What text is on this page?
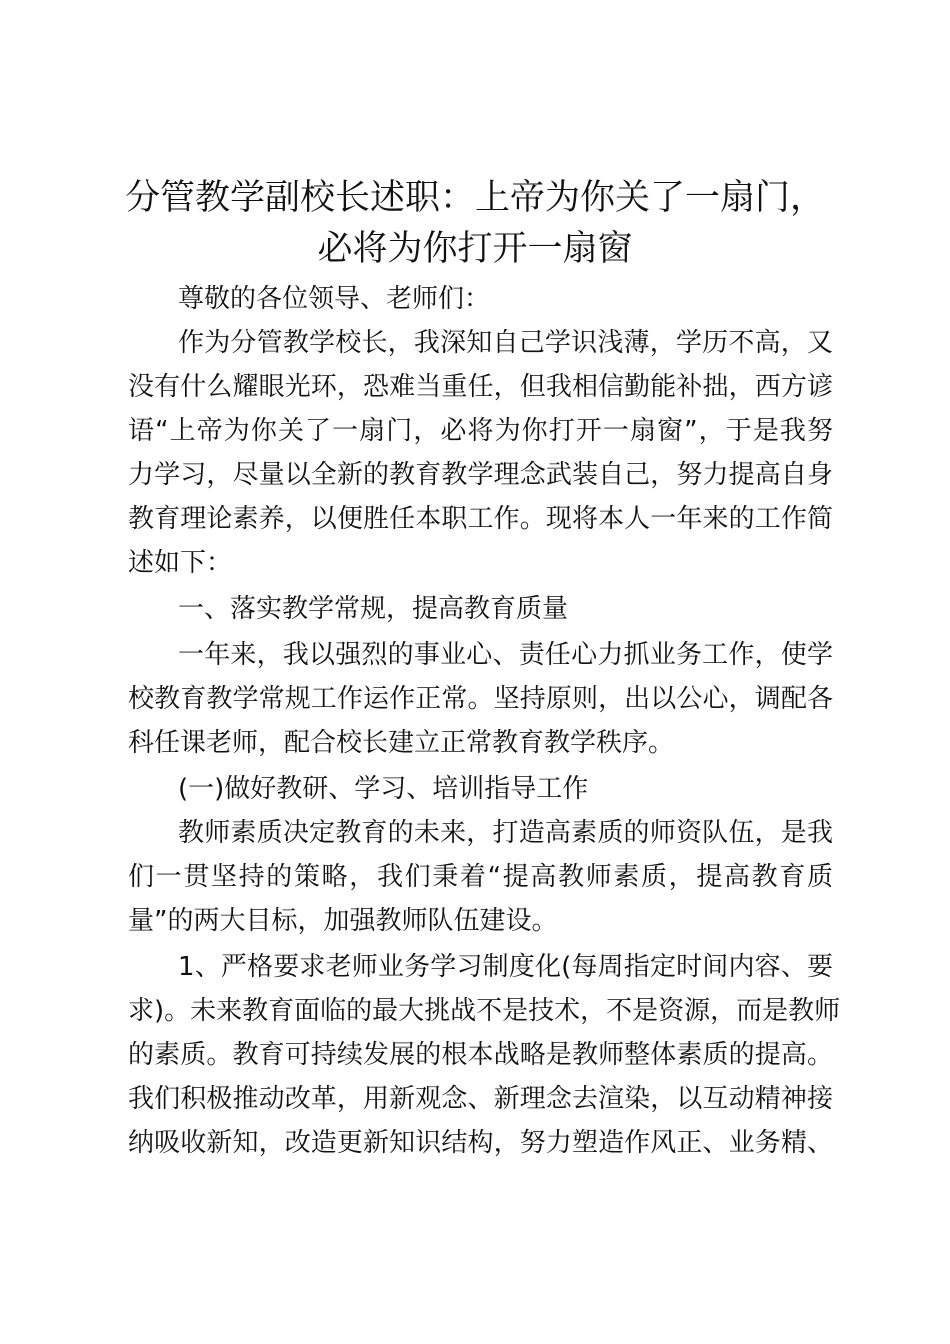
分管教学副校长述职：上帝为你关了一扇门，
必将为你打开一扇窗

尊敬的各位领导、老师们：

作为分管教学校长，我深知自己学识浅薄，学历不高，又

没有什么耀眼光环，恐难当重任，但我相信勤能补拙，西方谚

语“上帝为你关了一扇门，必将为你打开一扇窗”，于是我努

力学习，尽量以全新的教育教学理念武装自己，努力提高自身

教育理论素养，以便胜任本职工作。现将本人一年来的工作简

述如下：

一、落实教学常规，提高教育质量

一年来，我以强烈的事业心、责任心力抓业务工作，使学

校教育教学常规工作运作正常。坚持原则，出以公心，调配各

科任课老师，配合校长建立正常教育教学秩序。

(一)做好教研、学习、培训指导工作

教师素质决定教育的未来，打造高素质的师资队伍，是我

们一贯坚持的策略，我们秉着“提高教师素质，提高教育质

量”的两大目标，加强教师队伍建设。

1、严格要求老师业务学习制度化(每周指定时间内容、要

求)。未来教育面临的最大挑战不是技术，不是资源，而是教师

的素质。教育可持续发展的根本战略是教师整体素质的提高。

我们积极推动改革，用新观念、新理念去渲染，以互动精神接

纳吸收新知，改造更新知识结构，努力塑造作风正、业务精、
